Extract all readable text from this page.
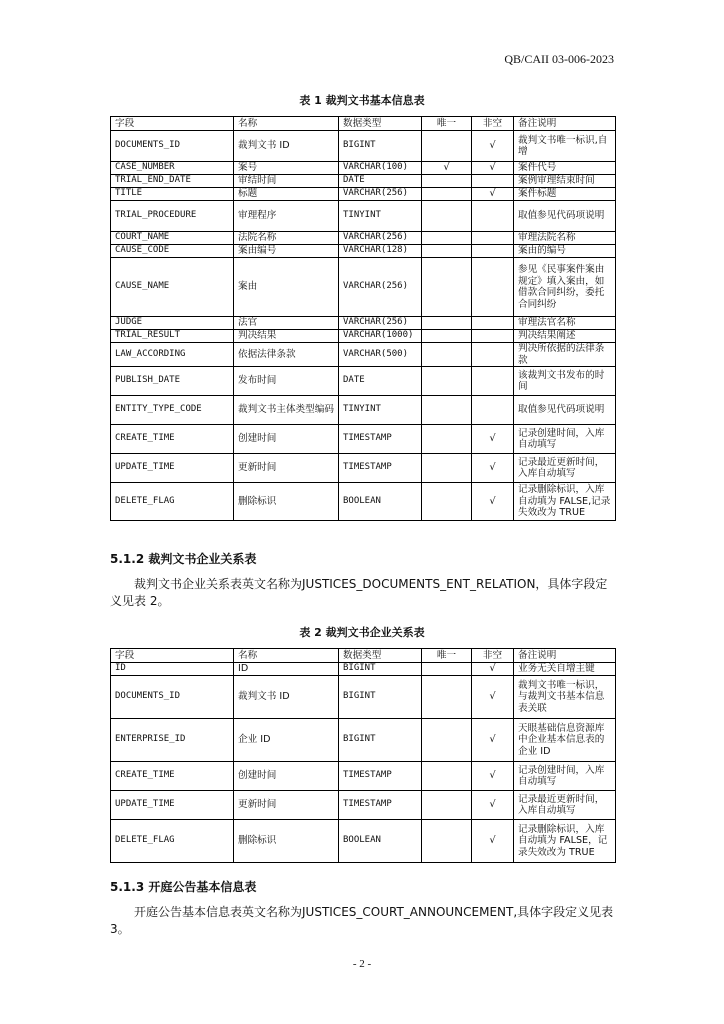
QB/CAII 03-006-2023
表 1 裁判文书基本信息表
字段	名称	数据类型	唯一	非空	备注说明
DOCUMENTS_ID	裁判文书 ID	BIGINT		√	裁判文书唯一标识,自增
CASE_NUMBER	案号	VARCHAR(100)	√	√	案件代号
TRIAL_END_DATE	审结时间	DATE			案例审理结束时间
TITLE	标题	VARCHAR(256)		√	案件标题
TRIAL_PROCEDURE	审理程序	TINYINT			取值参见代码项说明
COURT_NAME	法院名称	VARCHAR(256)			审理法院名称
CAUSE_CODE	案由编号	VARCHAR(128)			案由的编号
CAUSE_NAME	案由	VARCHAR(256)			参见《民事案件案由规定》填入案由，如借款合同纠纷，委托合同纠纷
JUDGE	法官	VARCHAR(256)			审理法官名称
TRIAL_RESULT	判决结果	VARCHAR(1000)			判决结果阐述
LAW_ACCORDING	依据法律条款	VARCHAR(500)			判决所依据的法律条款
PUBLISH_DATE	发布时间	DATE			该裁判文书发布的时间
ENTITY_TYPE_CODE	裁判文书主体类型编码	TINYINT			取值参见代码项说明
CREATE_TIME	创建时间	TIMESTAMP		√	记录创建时间，入库自动填写
UPDATE_TIME	更新时间	TIMESTAMP		√	记录最近更新时间，入库自动填写
DELETE_FLAG	删除标识	BOOLEAN		√	记录删除标识，入库自动填为 FALSE,记录失效改为 TRUE
5.1.2 裁判文书企业关系表
裁判文书企业关系表英文名称为JUSTICES_DOCUMENTS_ENT_RELATION，具体字段定义见表 2。
表 2 裁判文书企业关系表
字段	名称	数据类型	唯一	非空	备注说明
ID	ID	BIGINT		√	业务无关自增主键
DOCUMENTS_ID	裁判文书 ID	BIGINT		√	裁判文书唯一标识，与裁判文书基本信息表关联
ENTERPRISE_ID	企业 ID	BIGINT		√	天眼基础信息资源库中企业基本信息表的企业 ID
CREATE_TIME	创建时间	TIMESTAMP		√	记录创建时间，入库自动填写
UPDATE_TIME	更新时间	TIMESTAMP		√	记录最近更新时间，入库自动填写
DELETE_FLAG	删除标识	BOOLEAN		√	记录删除标识，入库自动填为 FALSE，记录失效改为 TRUE
5.1.3 开庭公告基本信息表
开庭公告基本信息表英文名称为JUSTICES_COURT_ANNOUNCEMENT,具体字段定义见表 3。
- 2 -
